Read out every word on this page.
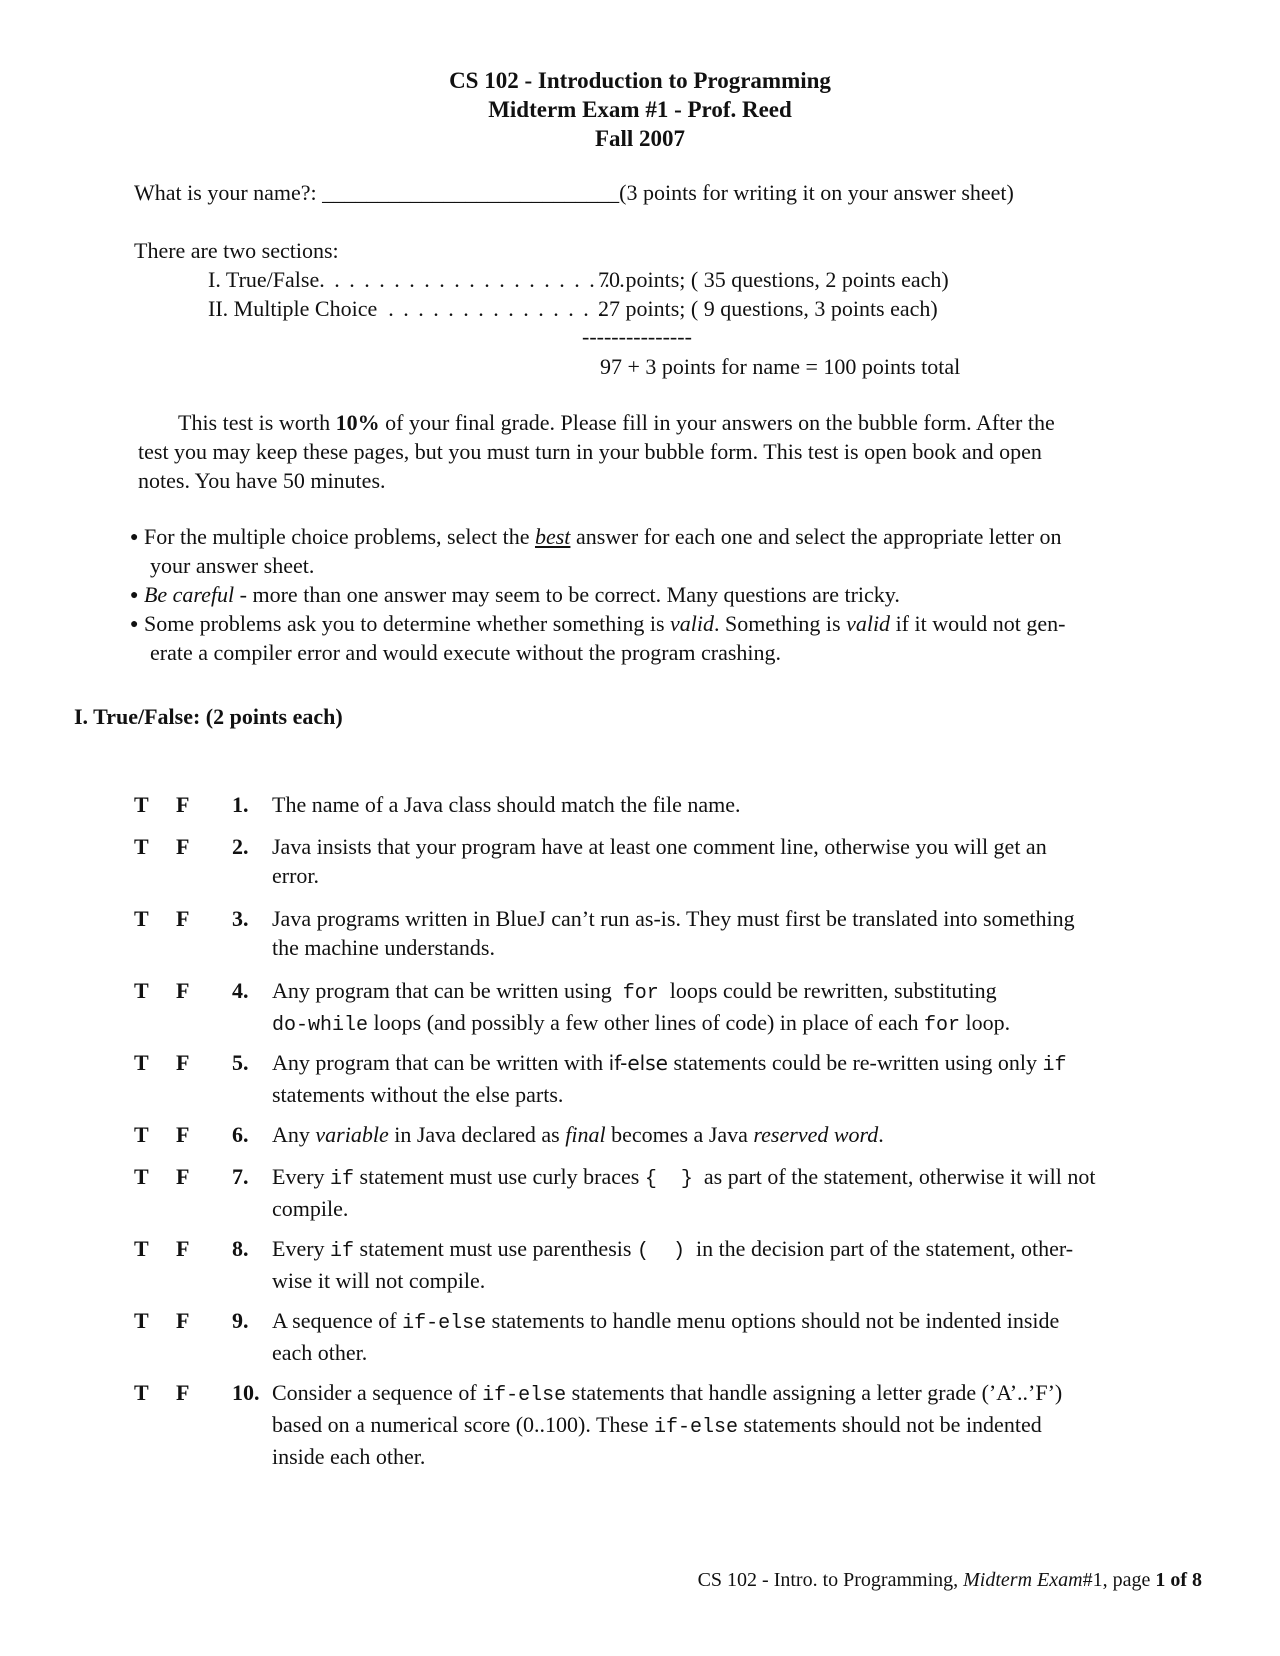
CS 102 - Introduction to Programming
Midterm Exam #1 - Prof. Reed
Fall 2007
What is your name?: ___________________________(3 points for writing it on your answer sheet)
There are two sections:
I. True/False. . . . . . . . . . . . . . . . . . . . .
70 points; ( 35 questions, 2 points each)
II. Multiple Choice . . . . . . . . . . . . . . .
27 points; ( 9 questions, 3 points each)
---------------
97 + 3 points for name = 100 points total
This test is worth 10% of your final grade. Please fill in your answers on the bubble form. After the
test you may keep these pages, but you must turn in your bubble form. This test is open book and open
notes. You have 50 minutes.
● For the multiple choice problems, select the best answer for each one and select the appropriate letter on
your answer sheet.
● Be careful - more than one answer may seem to be correct. Many questions are tricky.
● Some problems ask you to determine whether something is valid. Something is valid if it would not gen-
erate a compiler error and would execute without the program crashing.
I. True/False: (2 points each)
T F 1.	The name of a Java class should match the file name.
T F 2.	Java insists that your program have at least one comment line, otherwise you will get an
error.
T F 3.	Java programs written in BlueJ can’t run as-is. They must first be translated into something
the machine understands.
T F 4.	Any program that can be written using for loops could be rewritten, substituting
do-while loops (and possibly a few other lines of code) in place of each for loop.
T F 5.	Any program that can be written with if-else statements could be re-written using only if
statements without the else parts.
T F 6.	Any variable in Java declared as final becomes a Java reserved word.
T F 7.	Every if statement must use curly braces {  } as part of the statement, otherwise it will not
compile.
T F 8.	Every if statement must use parenthesis (  ) in the decision part of the statement, other-
wise it will not compile.
T F 9.	A sequence of if-else statements to handle menu options should not be indented inside
each other.
T F 10. Consider a sequence of if-else statements that handle assigning a letter grade (’A’..’F’)
based on a numerical score (0..100). These if-else statements should not be indented
inside each other.
CS 102 - Intro. to Programming, Midterm Exam#1, page 1 of 8
